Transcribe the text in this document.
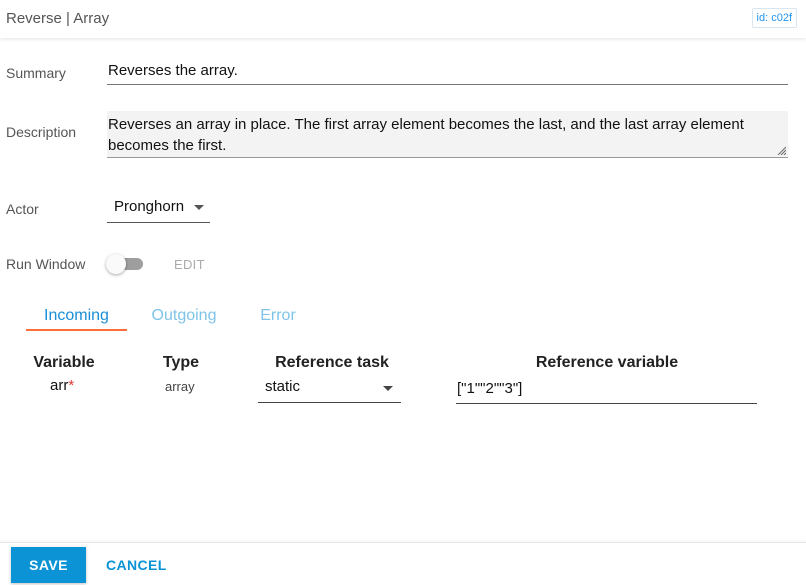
Reverse | Array	id: c02f
Summary	Reverses the array.
Description Reverses an array in place. The first array element becomes the last, and the last array element becomes the first.
Actor	Pronghorn
Run Window	EDIT
Incoming	Outgoing	Error
Variable	Type	Reference task	Reference variable
arr*	array	static	["1""2""3"]
SAVE	CANCEL
